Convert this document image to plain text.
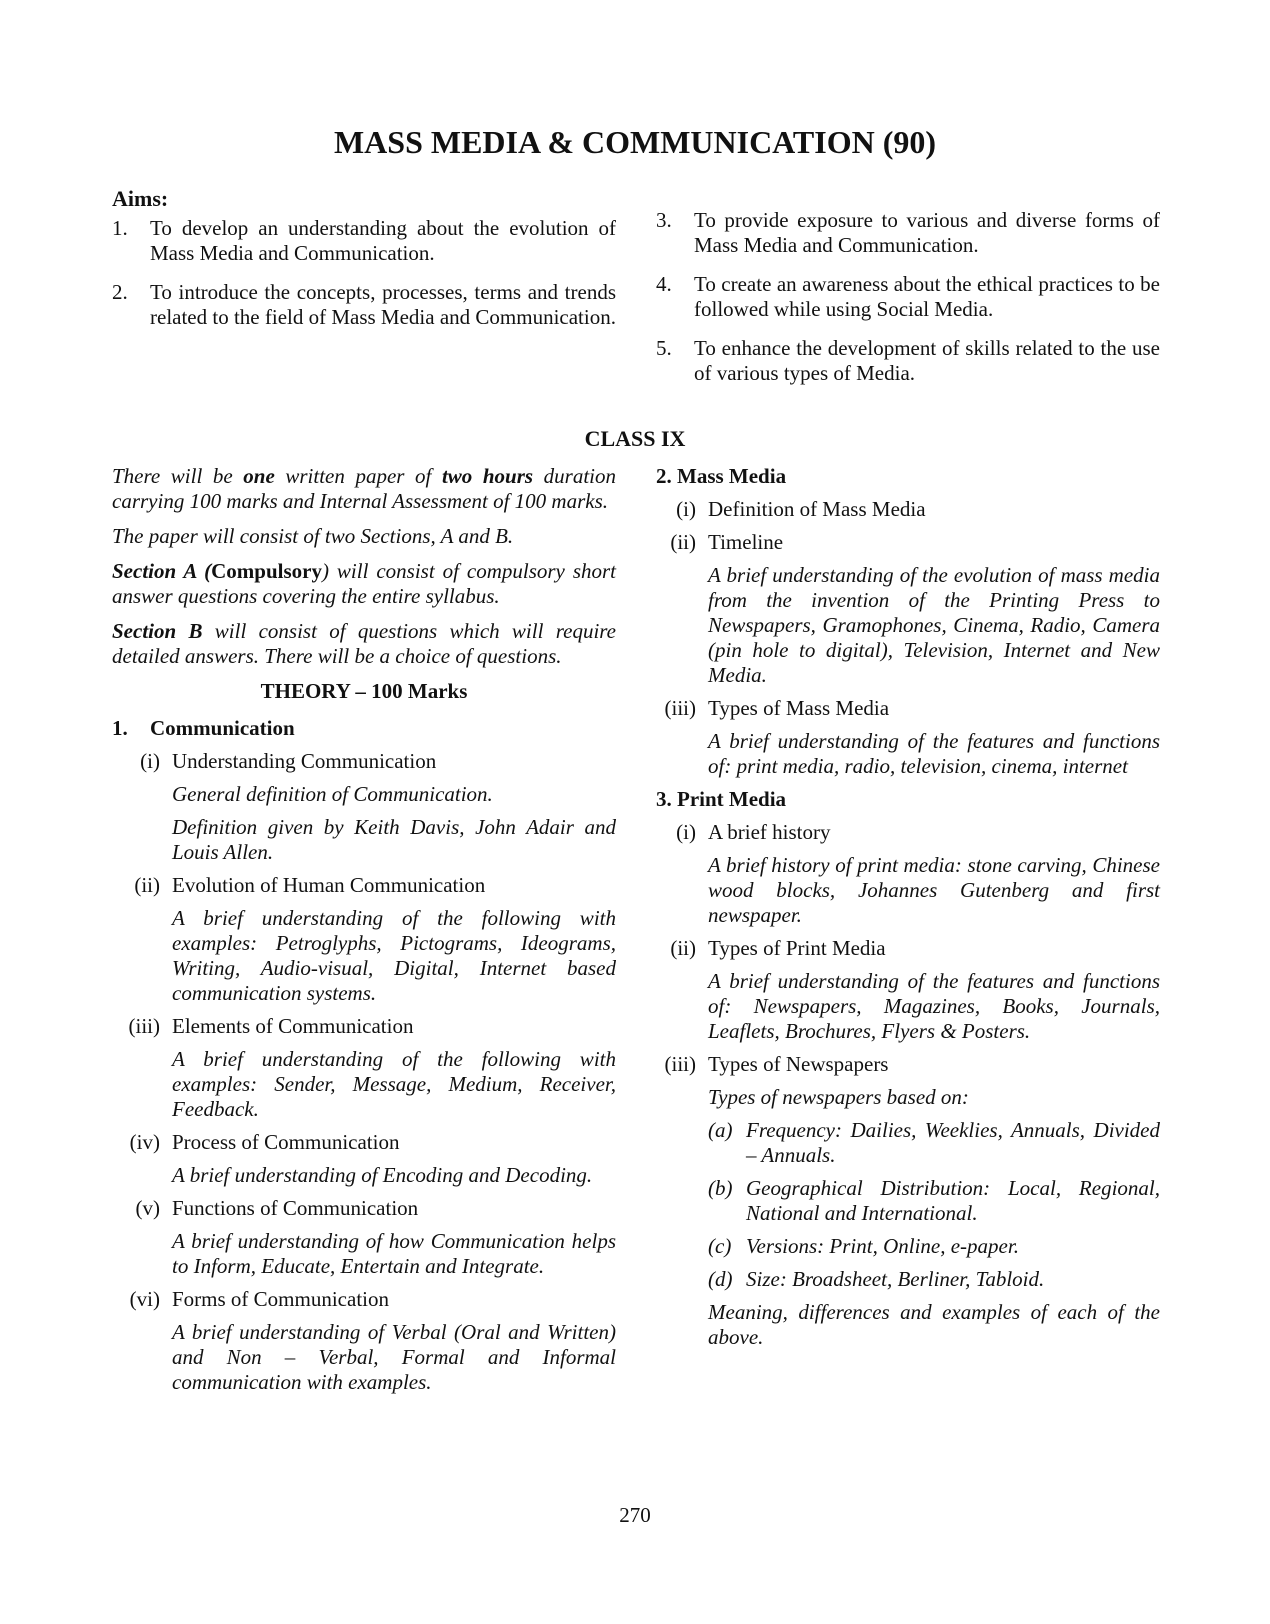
MASS MEDIA & COMMUNICATION (90)
Aims:
1.	To develop an understanding about the evolution of Mass Media and Communication.
2.	To introduce the concepts, processes, terms and trends related to the field of Mass Media and Communication.
3.	To provide exposure to various and diverse forms of Mass Media and Communication.
4.	To create an awareness about the ethical practices to be followed while using Social Media.
5.	To enhance the development of skills related to the use of various types of Media.
CLASS IX

There will be one written paper of two hours duration carrying 100 marks and Internal Assessment of 100 marks.

The paper will consist of two Sections, A and B.

Section A (Compulsory) will consist of compulsory short answer questions covering the entire syllabus.

Section B will consist of questions which will require detailed answers. There will be a choice of questions.

THEORY – 100 Marks
1. Communication
(i) Understanding Communication

General definition of Communication.

Definition given by Keith Davis, John Adair and Louis Allen.

(ii) Evolution of Human Communication

A brief understanding of the following with examples: Petroglyphs, Pictograms, Ideograms, Writing, Audio-visual, Digital, Internet based communication systems.

(iii) Elements of Communication

A brief understanding of the following with examples: Sender, Message, Medium, Receiver, Feedback.

(iv) Process of Communication

A brief understanding of Encoding and Decoding.

(v) Functions of Communication

A brief understanding of how Communication helps to Inform, Educate, Entertain and Integrate.

(vi) Forms of Communication

A brief understanding of Verbal (Oral and Written) and Non – Verbal, Formal and Informal communication with examples.

2. Mass Media
(i) Definition of Mass Media
(ii) Timeline

A brief understanding of the evolution of mass media from the invention of the Printing Press to Newspapers, Gramophones, Cinema, Radio, Camera (pin hole to digital), Television, Internet and New Media.

(iii) Types of Mass Media

A brief understanding of the features and functions of: print media, radio, television, cinema, internet

3. Print Media
(i) A brief history

A brief history of print media: stone carving, Chinese wood blocks, Johannes Gutenberg and first newspaper.

(ii) Types of Print Media

A brief understanding of the features and functions of: Newspapers, Magazines, Books, Journals, Leaflets, Brochures, Flyers & Posters.

(iii) Types of Newspapers

Types of newspapers based on:

(a) Frequency: Dailies, Weeklies, Annuals, Divided – Annuals.
(b) Geographical Distribution: Local, Regional, National and International.
(c) Versions: Print, Online, e-paper.
(d) Size: Broadsheet, Berliner, Tabloid.

Meaning, differences and examples of each of the above.

270
